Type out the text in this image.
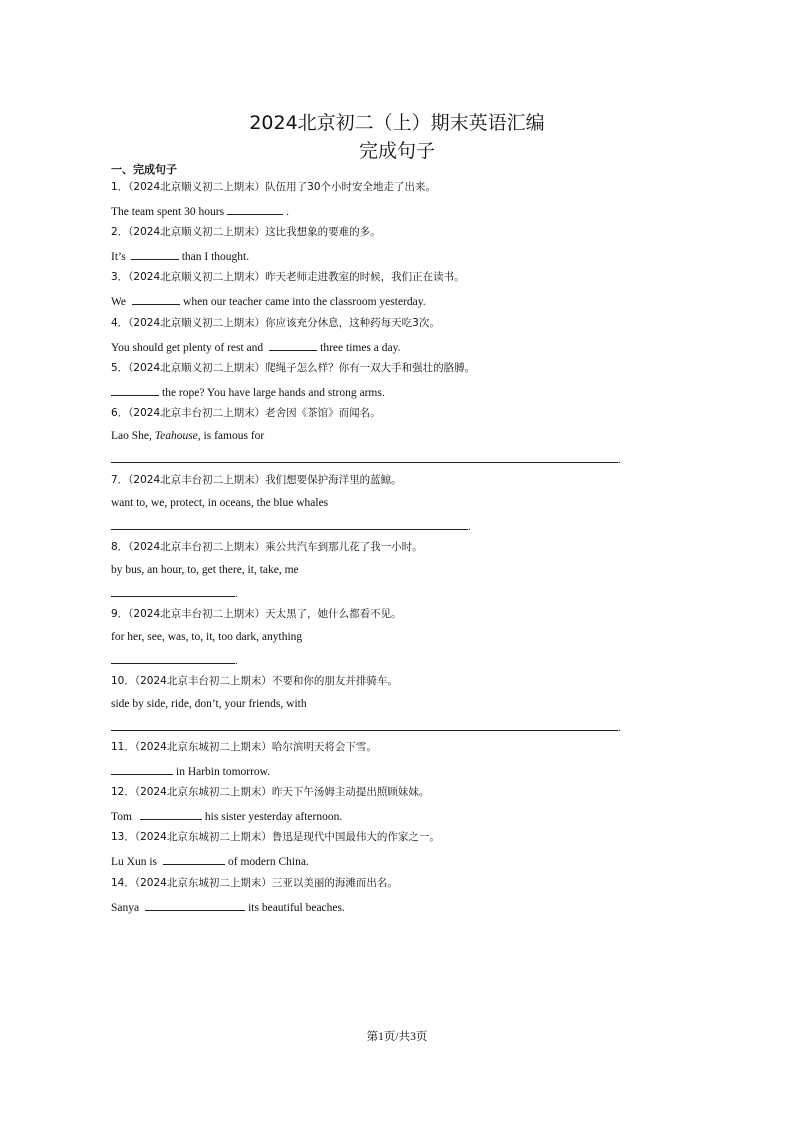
2024北京初二（上）期末英语汇编
完成句子
一、完成句子
1．（2024北京顺义初二上期末）队伍用了30个小时安全地走了出来。
The team spent 30 hours	.
2．（2024北京顺义初二上期末）这比我想象的要难的多。
It’s	than I thought.
3．（2024北京顺义初二上期末）昨天老师走进教室的时候，我们正在读书。
We	when our teacher came into the classroom yesterday.
4．（2024北京顺义初二上期末）你应该充分休息，这种药每天吃3次。
You should get plenty of rest and	three times a day.
5．（2024北京顺义初二上期末）爬绳子怎么样？你有一双大手和强壮的胳膊。
the rope? You have large hands and strong arms.
6．（2024北京丰台初二上期末）老舍因《茶馆》而闻名。
Lao She, Teahouse, is famous for
.
7．（2024北京丰台初二上期末）我们想要保护海洋里的蓝鲸。
want to, we, protect, in oceans, the blue whales
.
8．（2024北京丰台初二上期末）乘公共汽车到那儿花了我一小时。
by bus, an hour, to, get there, it, take, me
.
9．（2024北京丰台初二上期末）天太黑了，她什么都看不见。
for her, see, was, to, it, too dark, anything
.
10．（2024北京丰台初二上期末）不要和你的朋友并排骑车。
side by side, ride, don’t, your friends, with
.
11．（2024北京东城初二上期末）哈尔滨明天将会下雪。
in Harbin tomorrow.
12．（2024北京东城初二上期末）昨天下午汤姆主动提出照顾妹妹。
Tom	his sister yesterday afternoon.
13．（2024北京东城初二上期末）鲁迅是现代中国最伟大的作家之一。
Lu Xun is	of modern China.
14．（2024北京东城初二上期末）三亚以美丽的海滩而出名。
Sanya	its beautiful beaches.
第1页/共3页
